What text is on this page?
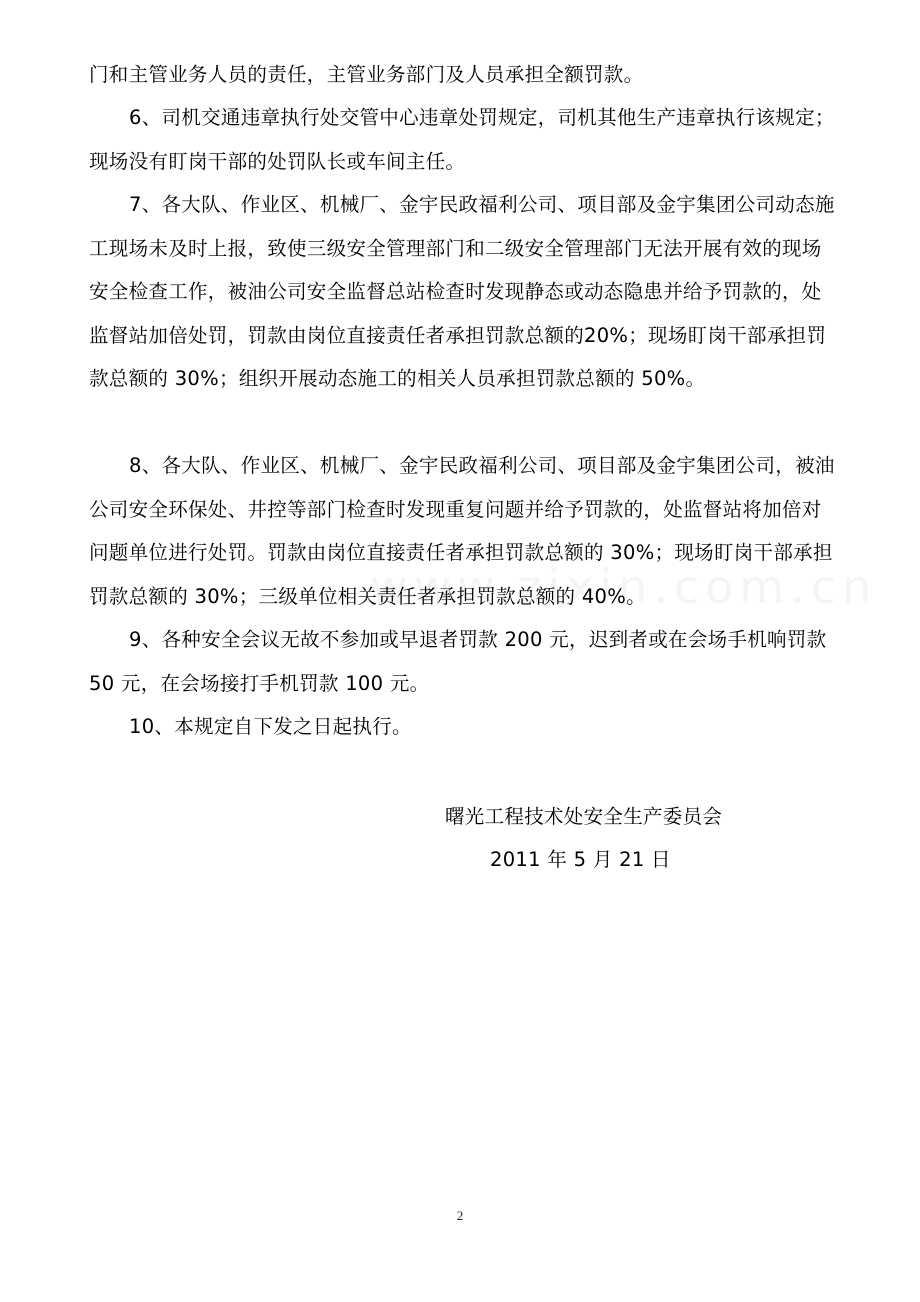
门和主管业务人员的责任，主管业务部门及人员承担全额罚款。

6、司机交通违章执行处交管中心违章处罚规定，司机其他生产违章执行该规定；现场没有盯岗干部的处罚队长或车间主任。

7、各大队、作业区、机械厂、金宇民政福利公司、项目部及金宇集团公司动态施工现场未及时上报，致使三级安全管理部门和二级安全管理部门无法开展有效的现场安全检查工作，被油公司安全监督总站检查时发现静态或动态隐患并给予罚款的，处监督站加倍处罚，罚款由岗位直接责任者承担罚款总额的20%；现场盯岗干部承担罚款总额的 30%；组织开展动态施工的相关人员承担罚款总额的 50%。

8、各大队、作业区、机械厂、金宇民政福利公司、项目部及金宇集团公司，被油公司安全环保处、井控等部门检查时发现重复问题并给予罚款的，处监督站将加倍对问题单位进行处罚。罚款由岗位直接责任者承担罚款总额的 30%；现场盯岗干部承担罚款总额的 30%；三级单位相关责任者承担罚款总额的 40%。

9、各种安全会议无故不参加或早退者罚款 200 元，迟到者或在会场手机响罚款 50 元，在会场接打手机罚款 100 元。

10、本规定自下发之日起执行。

曙光工程技术处安全生产委员会
2011 年 5 月 21 日
2
